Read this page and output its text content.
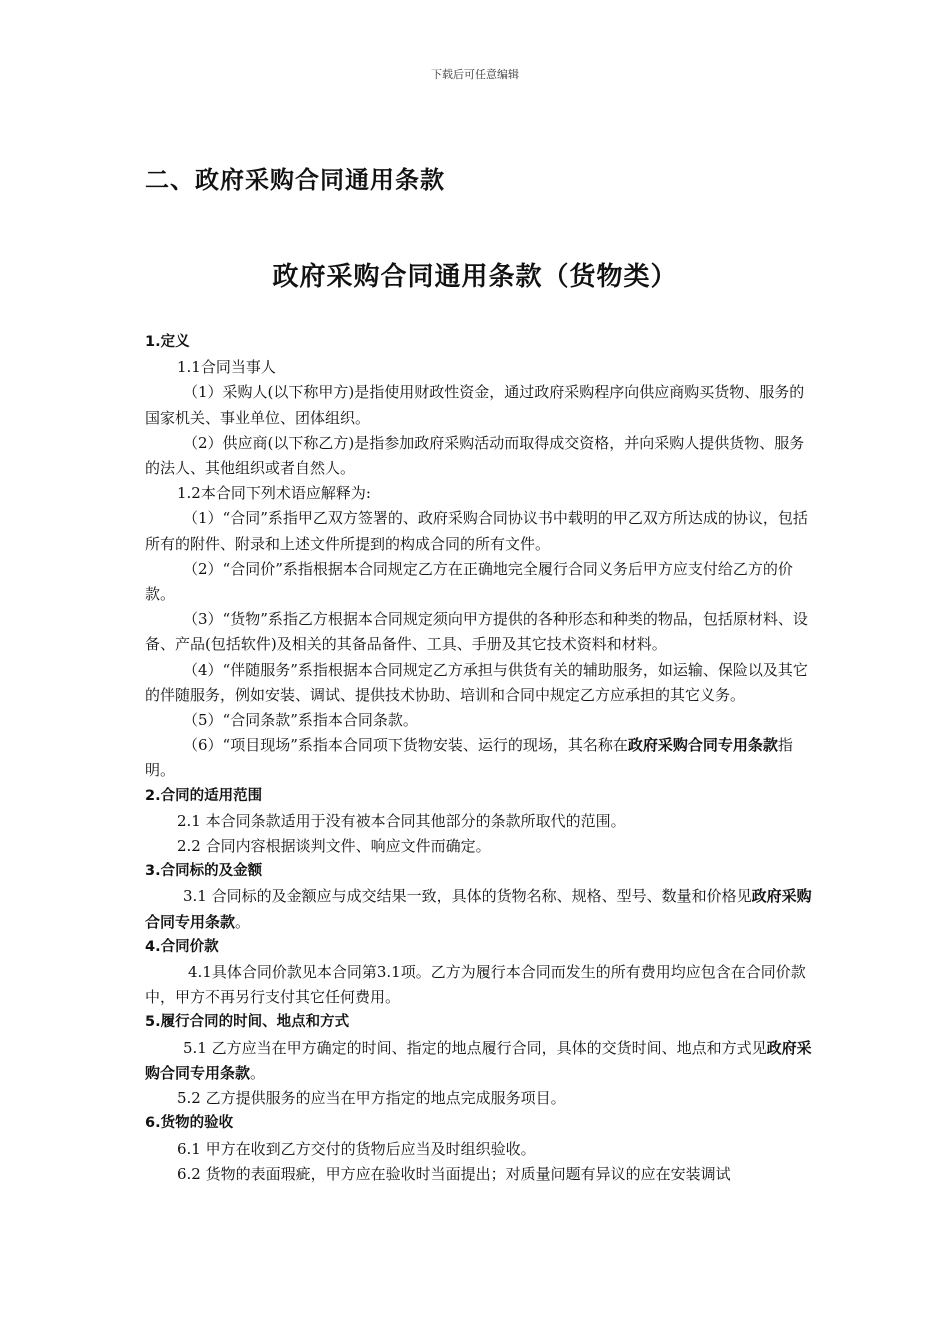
下载后可任意编辑
二、政府采购合同通用条款
政府采购合同通用条款（货物类）

1.定义

1.1合同当事人

（1）采购人(以下称甲方)是指使用财政性资金，通过政府采购程序向供应商购买货物、服务的国家机关、事业单位、团体组织。

（2）供应商(以下称乙方)是指参加政府采购活动而取得成交资格，并向采购人提供货物、服务的法人、其他组织或者自然人。

1.2本合同下列术语应解释为:

（1）“合同”系指甲乙双方签署的、政府采购合同协议书中载明的甲乙双方所达成的协议，包括所有的附件、附录和上述文件所提到的构成合同的所有文件。

（2）“合同价”系指根据本合同规定乙方在正确地完全履行合同义务后甲方应支付给乙方的价款。

（3）“货物”系指乙方根据本合同规定须向甲方提供的各种形态和种类的物品，包括原材料、设备、产品(包括软件)及相关的其备品备件、工具、手册及其它技术资料和材料。

（4）“伴随服务”系指根据本合同规定乙方承担与供货有关的辅助服务，如运输、保险以及其它的伴随服务，例如安装、调试、提供技术协助、培训和合同中规定乙方应承担的其它义务。

（5）“合同条款”系指本合同条款。

（6）“项目现场”系指本合同项下货物安装、运行的现场，其名称在政府采购合同专用条款指明。

2.合同的适用范围

2.1 本合同条款适用于没有被本合同其他部分的条款所取代的范围。

2.2 合同内容根据谈判文件、响应文件而确定。

3.合同标的及金额

3.1 合同标的及金额应与成交结果一致，具体的货物名称、规格、型号、数量和价格见政府采购合同专用条款。

4.合同价款

4.1具体合同价款见本合同第3.1项。乙方为履行本合同而发生的所有费用均应包含在合同价款中，甲方不再另行支付其它任何费用。

5.履行合同的时间、地点和方式

5.1 乙方应当在甲方确定的时间、指定的地点履行合同，具体的交货时间、地点和方式见政府采购合同专用条款。

5.2 乙方提供服务的应当在甲方指定的地点完成服务项目。

6.货物的验收

6.1 甲方在收到乙方交付的货物后应当及时组织验收。

6.2 货物的表面瑕疵，甲方应在验收时当面提出；对质量问题有异议的应在安装调试
